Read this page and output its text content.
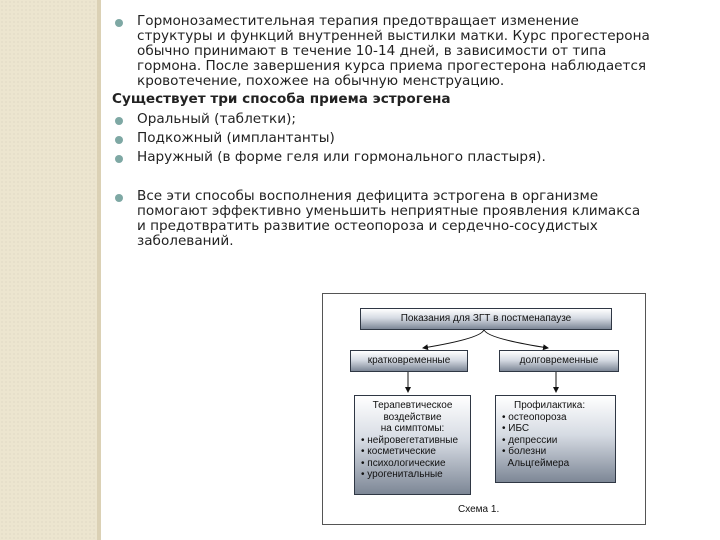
Гормонозаместительная терапия предотвращает изменение
структуры и функций внутренней выстилки матки. Курс прогестерона
обычно принимают в течение 10-14 дней, в зависимости от типа
гормона. После завершения курса приема прогестерона наблюдается
кровотечение, похожее на обычную менструацию.
Существует три способа приема эстрогена
Оральный (таблетки);
Подкожный (имплантанты)
Наружный (в форме геля или гормонального пластыря).
Все эти способы восполнения дефицита эстрогена в организме
помогают эффективно уменьшить неприятные проявления климакса
и предотвратить развитие остеопороза и сердечно-сосудистых
заболеваний.
Показания для ЗГТ в постменапаузе
кратковременные	долговременные
Терапевтическое
воздействие
на симптомы:
• нейровегетативные
• косметические
• психологические
• урогенитальные
Профилактика:
• остеопороза
• ИБС
• депрессии
• болезни
Альцгеймера
Схема 1.
